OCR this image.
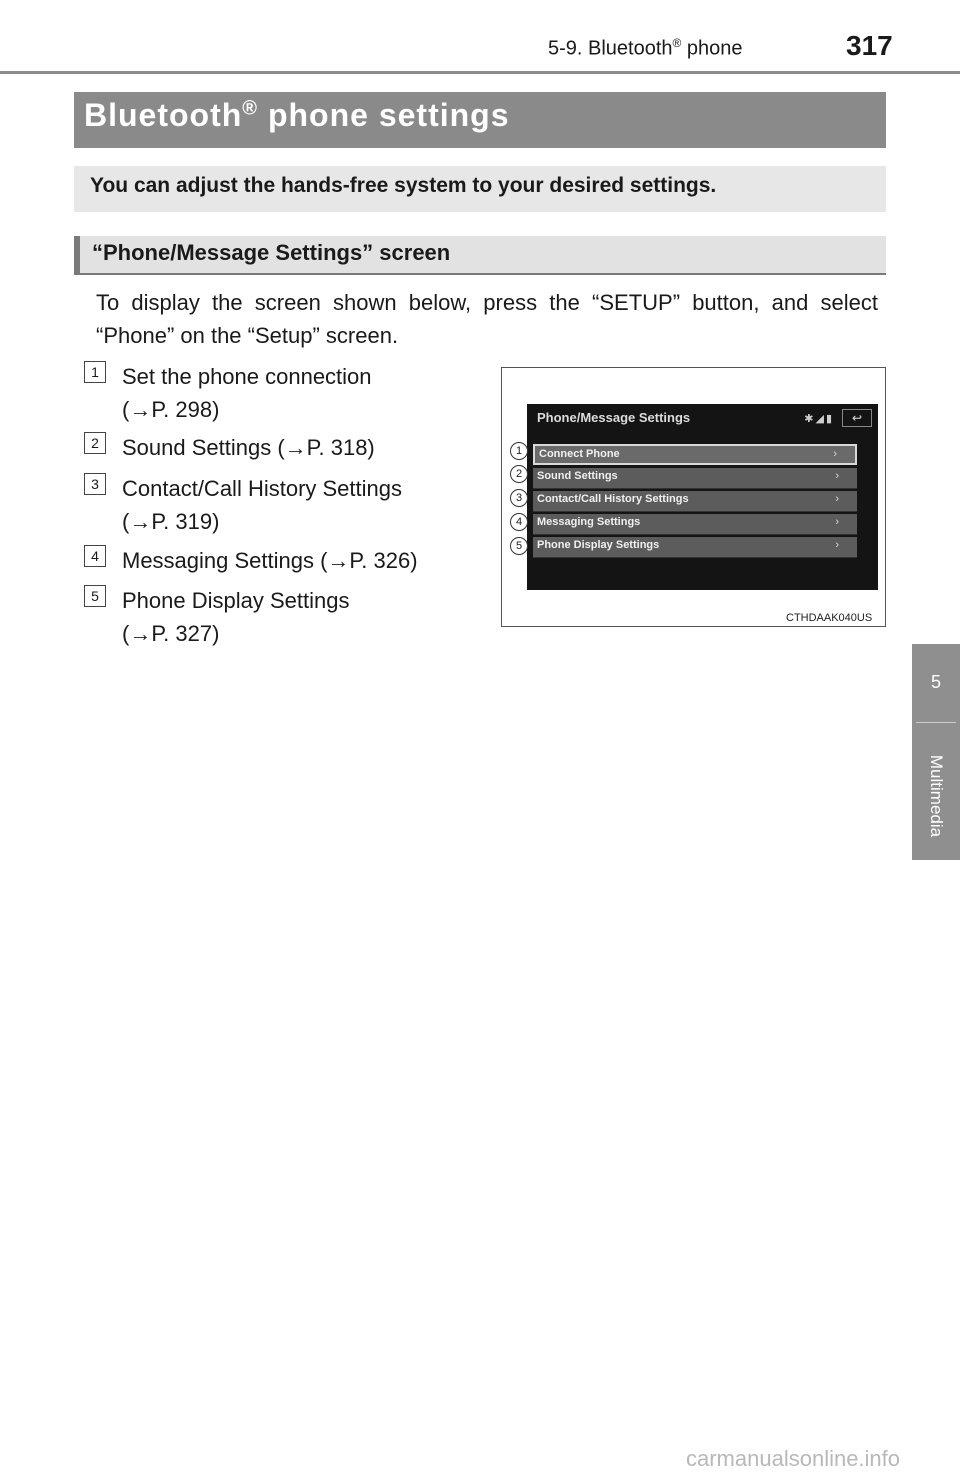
5-9. Bluetooth® phone	317
5
Multimedia
Bluetooth® phone settings
You can adjust the hands-free system to your desired settings.
“Phone/Message Settings” screen
To display the screen shown below, press the “SETUP” button, and select “Phone” on the “Setup” screen.
1	Set the phone connection
(→P. 298)
2	Sound Settings (→P. 318)
3	Contact/Call History Settings
(→P. 319)
4	Messaging Settings (→P. 326)
5	Phone Display Settings
(→P. 327)
Phone/Message Settings	✱◢▮	↩
Connect Phone	›
Sound Settings	›
Contact/Call History Settings	›
Messaging Settings	›
Phone Display Settings	›
1
2
3
4
5
CTHDAAK040US
carmanualsonline.info
